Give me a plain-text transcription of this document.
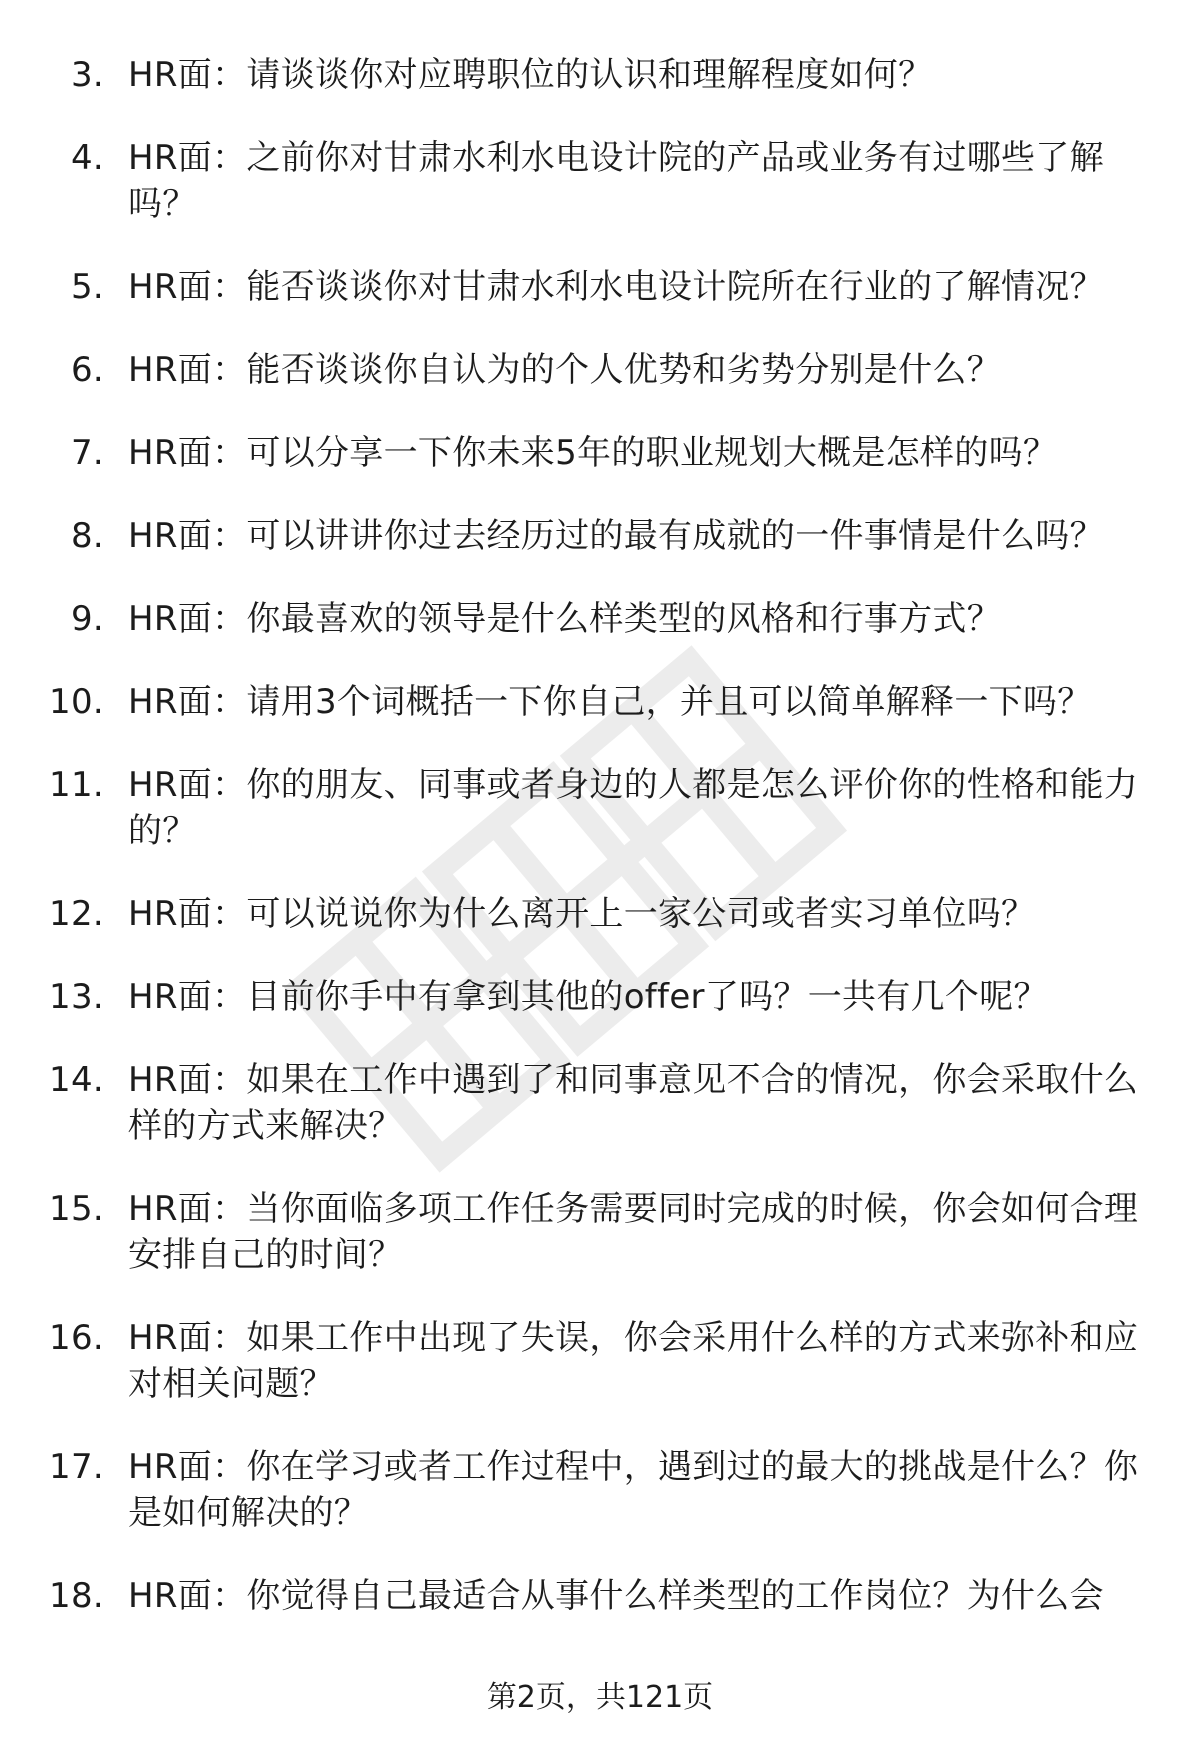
3. HR面：请谈谈你对应聘职位的认识和理解程度如何？
4. HR面：之前你对甘肃水利水电设计院的产品或业务有过哪些了解吗？
5. HR面：能否谈谈你对甘肃水利水电设计院所在行业的了解情况？
6. HR面：能否谈谈你自认为的个人优势和劣势分别是什么？
7. HR面：可以分享一下你未来5年的职业规划大概是怎样的吗？
8. HR面：可以讲讲你过去经历过的最有成就的一件事情是什么吗？
9. HR面：你最喜欢的领导是什么样类型的风格和行事方式？
10. HR面：请用3个词概括一下你自己，并且可以简单解释一下吗？
11. HR面：你的朋友、同事或者身边的人都是怎么评价你的性格和能力的？
12. HR面：可以说说你为什么离开上一家公司或者实习单位吗？
13. HR面：目前你手中有拿到其他的offer了吗？一共有几个呢？
14. HR面：如果在工作中遇到了和同事意见不合的情况，你会采取什么样的方式来解决？
15. HR面：当你面临多项工作任务需要同时完成的时候，你会如何合理安排自己的时间？
16. HR面：如果工作中出现了失误，你会采用什么样的方式来弥补和应对相关问题？
17. HR面：你在学习或者工作过程中，遇到过的最大的挑战是什么？你是如何解决的？
18. HR面：你觉得自己最适合从事什么样类型的工作岗位？为什么会
第2页，共121页
